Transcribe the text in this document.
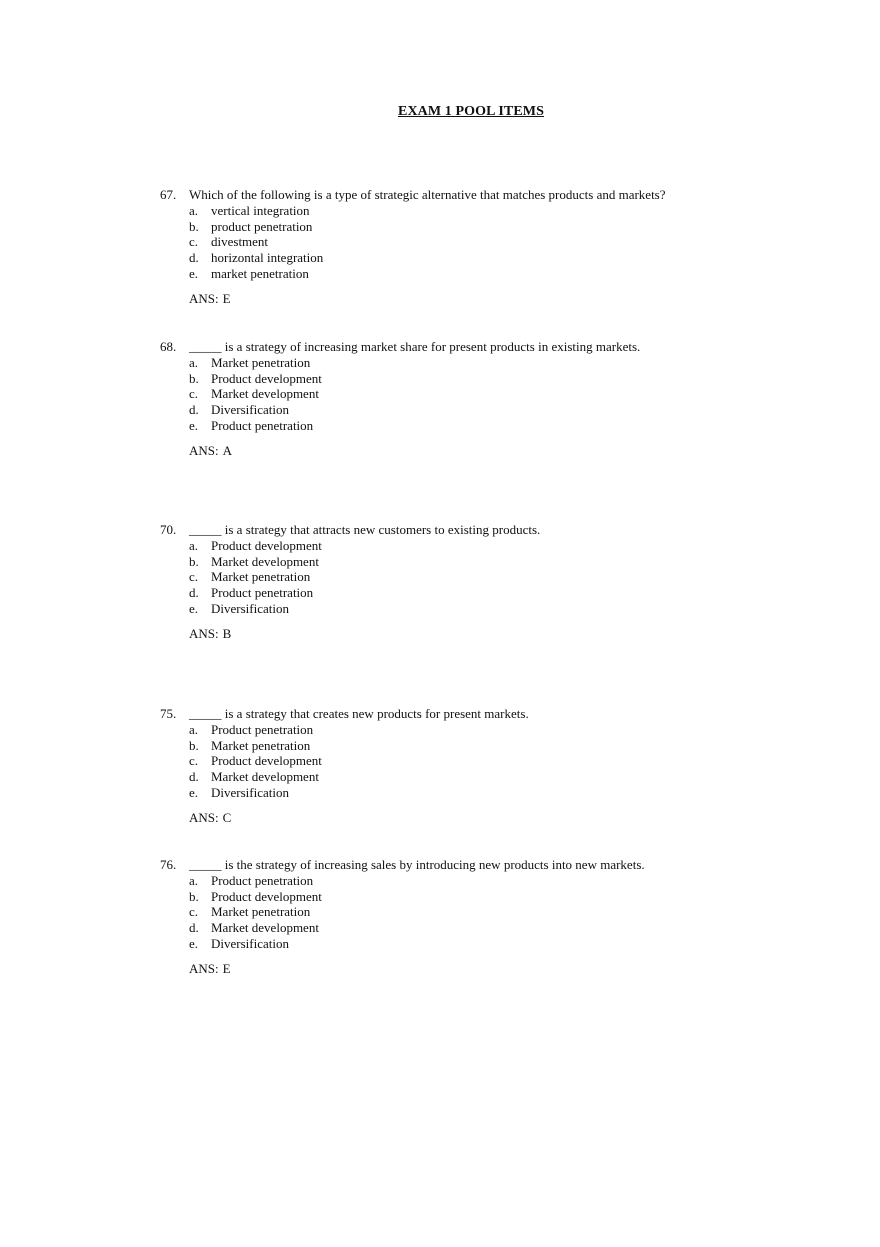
EXAM 1 POOL ITEMS
67. Which of the following is a type of strategic alternative that matches products and markets?
a. vertical integration
b. product penetration
c. divestment
d. horizontal integration
e. market penetration
ANS: E
68. _____ is a strategy of increasing market share for present products in existing markets.
a. Market penetration
b. Product development
c. Market development
d. Diversification
e. Product penetration
ANS: A
70. _____ is a strategy that attracts new customers to existing products.
a. Product development
b. Market development
c. Market penetration
d. Product penetration
e. Diversification
ANS: B
75. _____ is a strategy that creates new products for present markets.
a. Product penetration
b. Market penetration
c. Product development
d. Market development
e. Diversification
ANS: C
76. _____ is the strategy of increasing sales by introducing new products into new markets.
a. Product penetration
b. Product development
c. Market penetration
d. Market development
e. Diversification
ANS: E
